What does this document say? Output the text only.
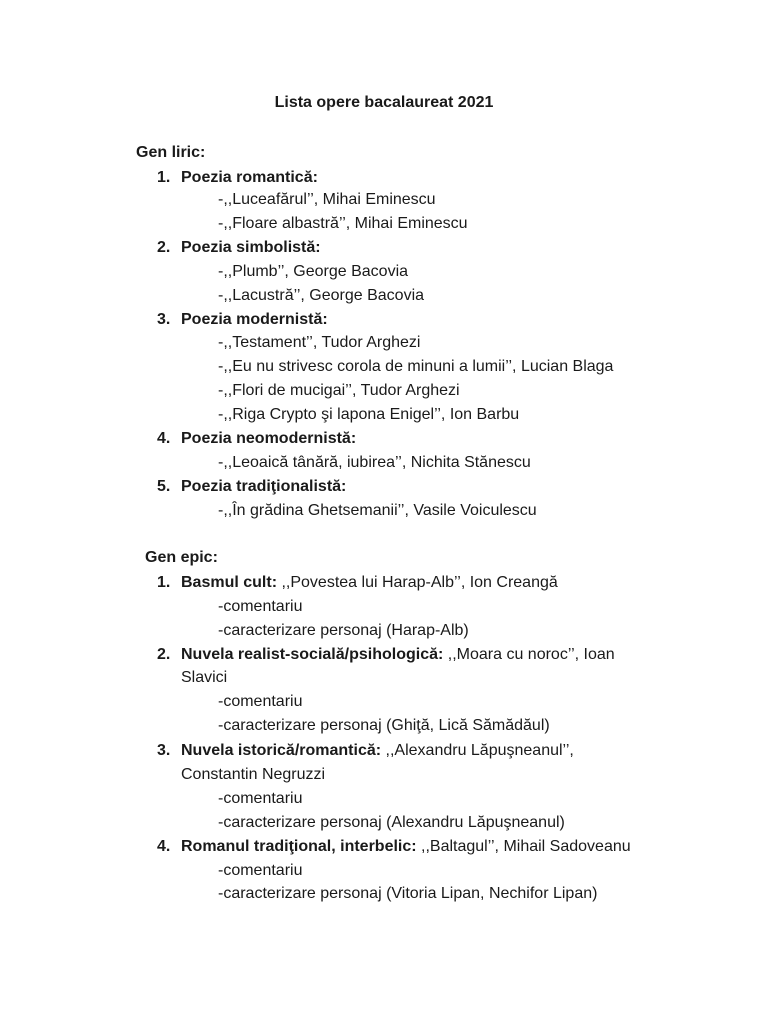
Lista opere bacalaureat 2021
Gen liric:
1. Poezia romantică:
-,,Luceafărul’’, Mihai Eminescu
-,,Floare albastră’’, Mihai Eminescu
2. Poezia simbolistă:
-,,Plumb’’, George Bacovia
-,,Lacustră’’, George Bacovia
3. Poezia modernistă:
-,,Testament’’, Tudor Arghezi
-,,Eu nu strivesc corola de minuni a lumii’’, Lucian Blaga
-,,Flori de mucigai’’, Tudor Arghezi
-,,Riga Crypto şi lapona Enigel’’, Ion Barbu
4. Poezia neomodernistă:
-,,Leoaică tânără, iubirea’’, Nichita Stănescu
5. Poezia tradiţionalistă:
-,,În grădina Ghetsemanii’’, Vasile Voiculescu
Gen epic:
1. Basmul cult: ,,Povestea lui Harap-Alb’’, Ion Creangă
-comentariu
-caracterizare personaj (Harap-Alb)
2. Nuvela realist-socială/psihologică: ,,Moara cu noroc’’, Ioan
Slavici
-comentariu
-caracterizare personaj (Ghiţă, Lică Sămădăul)
3. Nuvela istorică/romantică: ,,Alexandru Lăpuşneanul’’,
Constantin Negruzzi
-comentariu
-caracterizare personaj (Alexandru Lăpuşneanul)
4. Romanul tradiţional, interbelic: ,,Baltagul’’, Mihail Sadoveanu
-comentariu
-caracterizare personaj (Vitoria Lipan, Nechifor Lipan)
